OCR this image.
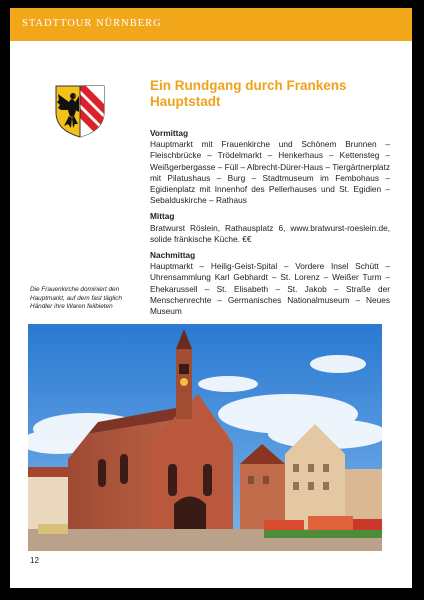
STADTTOUR NÜRNBERG
Ein Rundgang durch Frankens Hauptstadt

Vormittag

Hauptmarkt mit Frauenkirche und Schönem Brunnen – Fleischbrücke – Trödelmarkt – Henkerhaus – Kettensteg – Weißgerbergasse – Füll – Albrecht-Dürer-Haus – Tiergärtnerplatz mit Pilatushaus – Burg – Stadtmuseum im Fembohaus – Egidienplatz mit Innenhof des Pellerhauses und St. Egidien – Sebalduskirche – Rathaus

Mittag

Bratwurst Röslein, Rathausplatz 6, www.bratwurst-roeslein.de, solide fränkische Küche. €€

Nachmittag

Hauptmarkt – Heilig-Geist-Spital – Vordere Insel Schütt – Uhrensammlung Karl Gebhardt – St. Lorenz – Weißer Turm – Ehekarussell – St. Elisabeth – St. Jakob – Straße der Menschenrechte – Germanisches Nationalmuseum – Neues Museum

Die Frauenkirche dominiert den Hauptmarkt, auf dem fast täglich Händler ihre Waren feilbieten
12
